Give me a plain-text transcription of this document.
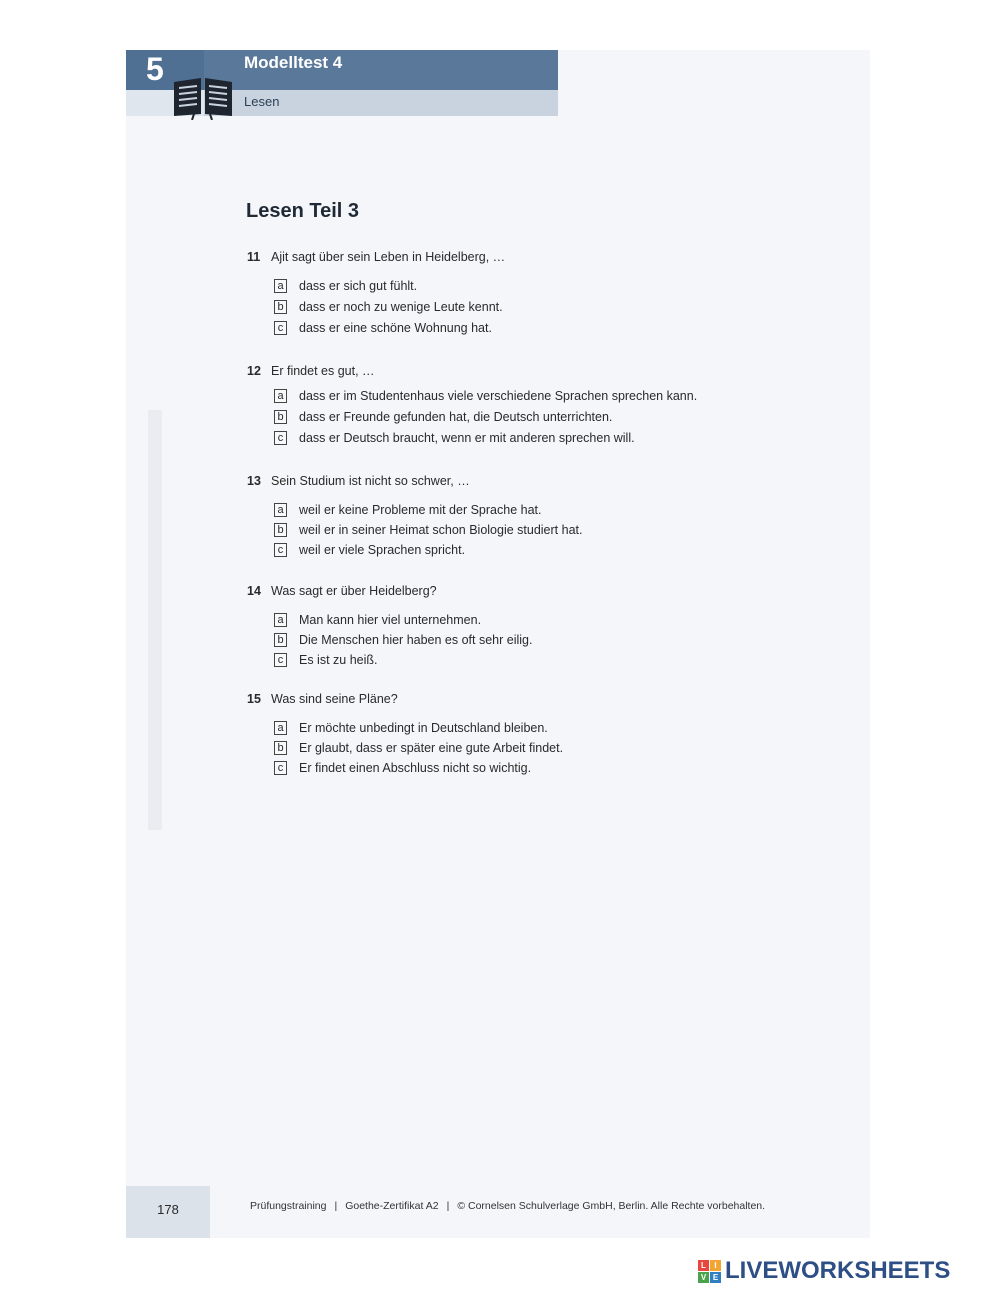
5	Modelltest 4
Lesen
Lesen Teil 3
11 Ajit sagt über sein Leben in Heidelberg, …
a dass er sich gut fühlt.
b dass er noch zu wenige Leute kennt.
c	dass er eine schöne Wohnung hat.
12 Er findet es gut, …
a dass er im Studentenhaus viele verschiedene Sprachen sprechen kann.
b dass er Freunde gefunden hat, die Deutsch unterrichten.
c	dass er Deutsch braucht, wenn er mit anderen sprechen will.
13 Sein Studium ist nicht so schwer, …
a weil er keine Probleme mit der Sprache hat.
b weil er in seiner Heimat schon Biologie studiert hat.
c	weil er viele Sprachen spricht.
14 Was sagt er über Heidelberg?
a Man kann hier viel unternehmen.
b Die Menschen hier haben es oft sehr eilig.
c	Es ist zu heiß.
15 Was sind seine Pläne?
a Er möchte unbedingt in Deutschland bleiben.
b Er glaubt, dass er später eine gute Arbeit findet.
c	Er findet einen Abschluss nicht so wichtig.
178	Prüfungstraining | Goethe-Zertifikat A2 | © Cornelsen Schulverlage GmbH, Berlin. Alle Rechte vorbehalten.
L	I
V E LIVEWORKSHEETS
